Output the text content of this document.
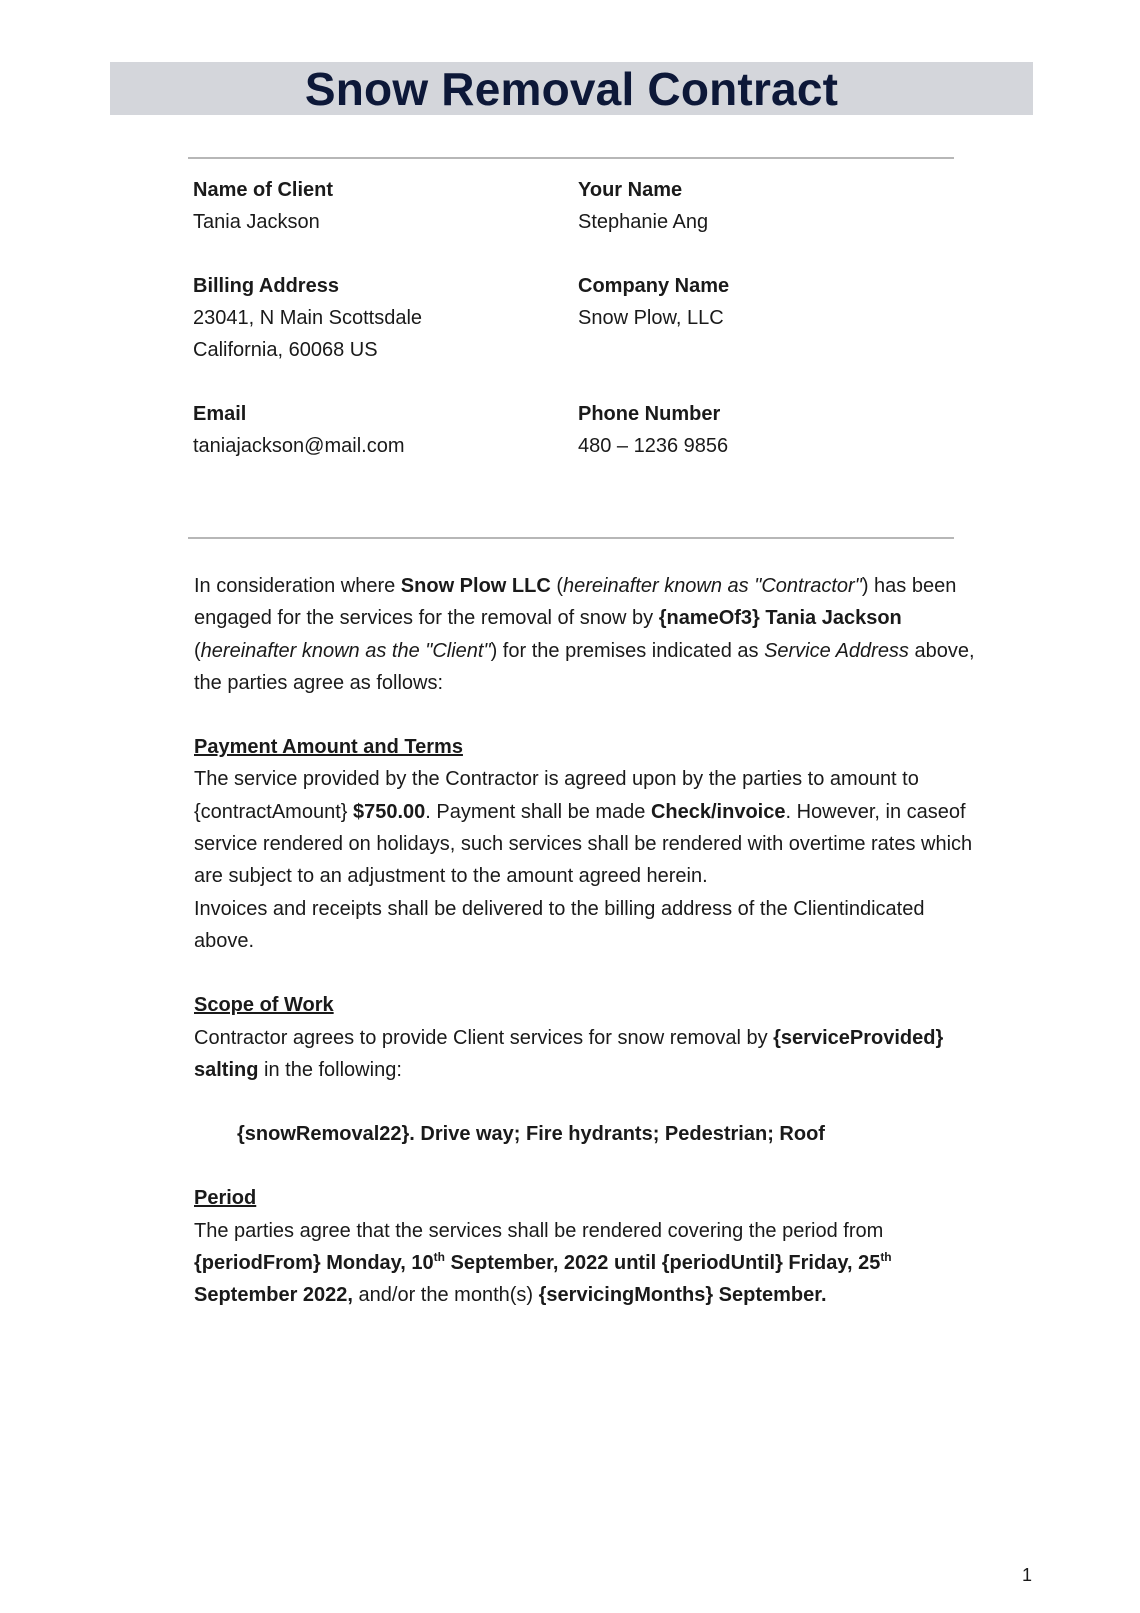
Snow Removal Contract
Name of Client
Tania Jackson
Your Name
Stephanie Ang
Billing Address
23041, N Main Scottsdale
California, 60068 US
Company Name
Snow Plow, LLC
Email
taniajackson@mail.com
Phone Number
480 – 1236 9856

In consideration where Snow Plow LLC (hereinafter known as "Contractor") has been engaged for the services for the removal of snow by {nameOf3} Tania Jackson (hereinafter known as the "Client") for the premises indicated as Service Address above, the parties agree as follows:

Payment Amount and Terms

The service provided by the Contractor is agreed upon by the parties to amount to {contractAmount} $750.00. Payment shall be made Check/invoice. However, in caseof service rendered on holidays, such services shall be rendered with overtime rates which are subject to an adjustment to the amount agreed herein.

Invoices and receipts shall be delivered to the billing address of the Clientindicated above.

Scope of Work

Contractor agrees to provide Client services for snow removal by {serviceProvided} salting in the following:

{snowRemoval22}. Drive way; Fire hydrants; Pedestrian; Roof

Period

The parties agree that the services shall be rendered covering the period from {periodFrom} Monday, 10th September, 2022 until {periodUntil} Friday, 25th September 2022, and/or the month(s) {servicingMonths} September.

1
